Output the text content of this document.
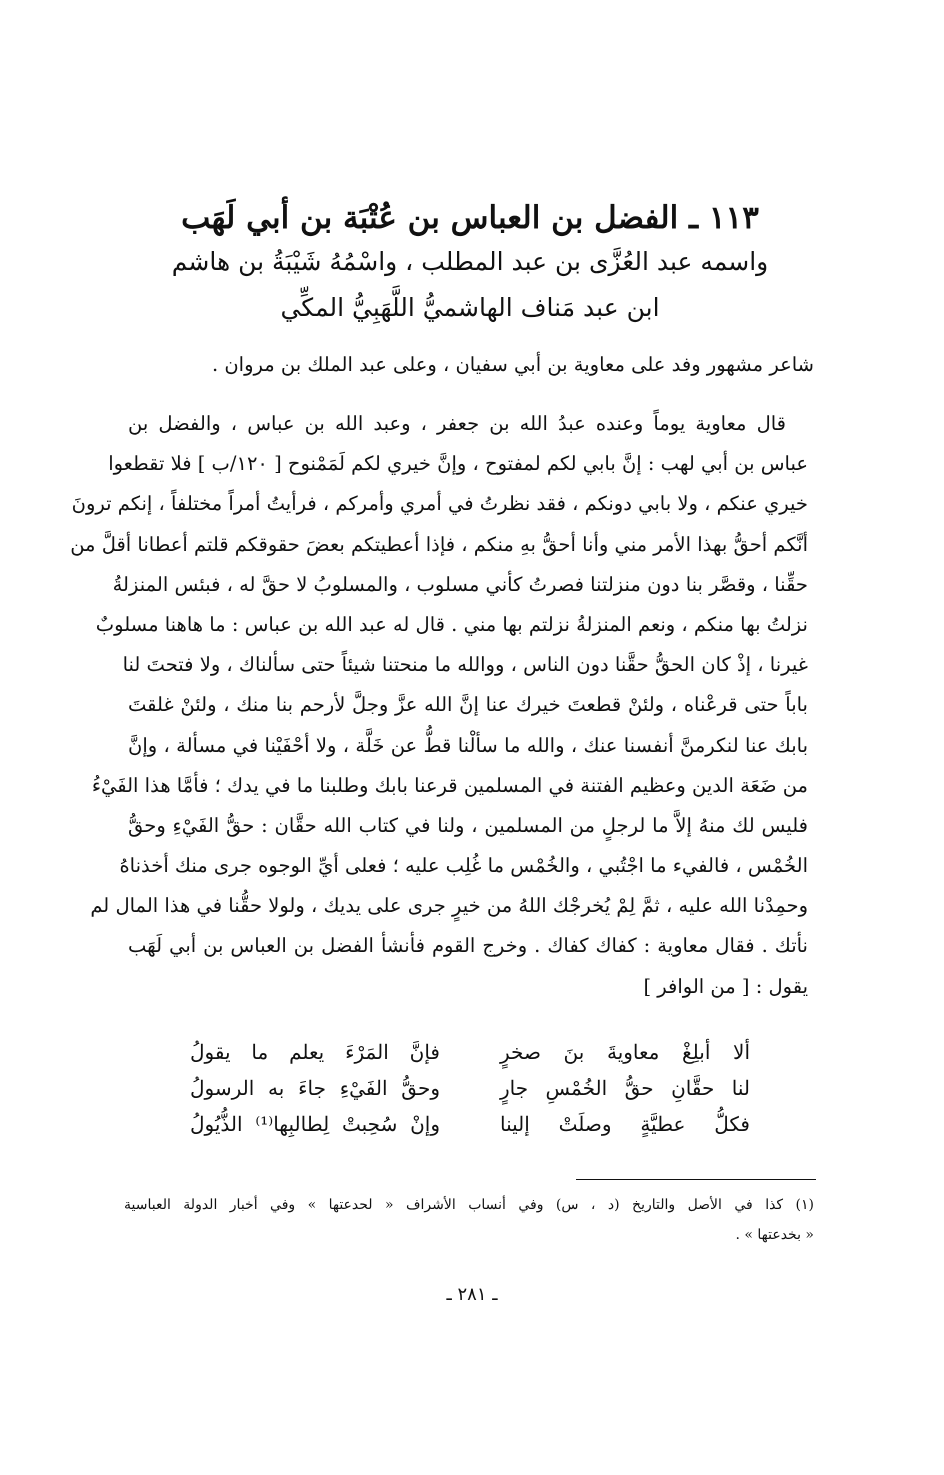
١١٣ ـ الفضل بن العباس بن عُتْبَة بن أبي لَهَب
واسمه عبد العُزَّى بن عبد المطلب ، واسْمُهُ شَيْبَةُ بن هاشم
ابن عبد مَناف الهاشميُّ اللَّهَبِيُّ المكِّي
شاعر مشهور وفد على معاوية بن أبي سفيان ، وعلى عبد الملك بن مروان .
قال معاوية يوماً وعنده عبدُ الله بن جعفر ، وعبد الله بن عباس ، والفضل بن
عباس بن أبي لهب : إنَّ بابي لكم لمفتوح ، وإنَّ خيري لكم لَمَمْنوح [ ١٢٠/ب ] فلا تقطعوا
خيري عنكم ، ولا بابي دونكم ، فقد نظرتُ في أمري وأمركم ، فرأيتُ أمراً مختلفاً ، إنكم ترونَ
أنَّكم أحقُّ بهذا الأمر مني وأنا أحقُّ بهِ منكم ، فإذا أعطيتكم بعضَ حقوقكم قلتم أعطانا أقلَّ من
حقِّنا ، وقصَّر بنا دون منزلتنا فصرتُ كأني مسلوب ، والمسلوبُ لا حقَّ له ، فبئس المنزلةُ
نزلتُ بها منكم ، ونعم المنزلةُ نزلتم بها مني . قال له عبد الله بن عباس : ما هاهنا مسلوبٌ
غيرنا ، إذْ كان الحقُّ حقَّنا دون الناس ، ووالله ما منحتنا شيئاً حتى سألناك ، ولا فتحتَ لنا
باباً حتى قرعْناه ، ولئنْ قطعتَ خيرك عنا إنَّ الله عزَّ وجلَّ لأرحم بنا منك ، ولئنْ غلقتَ
بابك عنا لنكرمنَّ أنفسنا عنك ، والله ما سألْنا قطُّ عن خَلَّة ، ولا أحْفَيْنا في مسألة ، وإنَّ
من ضَعَة الدين وعظيم الفتنة في المسلمين قرعنا بابك وطلبنا ما في يدك ؛ فأمَّا هذا الفَيْءُ
فليس لك منهُ إلاَّ ما لرجلٍ من المسلمين ، ولنا في كتاب الله حقَّان : حقُّ الفَيْءِ وحقُّ
الخُمْس ، فالفيء ما اجْتُبي ، والخُمْس ما غُلِب عليه ؛ فعلى أيِّ الوجوه جرى منك أخذناهُ
وحمِدْنا الله عليه ، ثمَّ لِمْ يُخرجْك اللهُ من خيرٍ جرى على يديك ، ولولا حقُّنا في هذا المال لم
نأتك . فقال معاوية : كفاك كفاك . وخرج القوم فأنشأ الفضل بن العباس بن أبي لَهَب
يقول : [ من الوافر ]
ألا أبلِغْ معاويةَ بنَ صخرٍ
فإنَّ المَرْءَ يعلم ما يقولُ
لنا حقَّانِ حقُّ الخُمْسِ جارٍ
وحقُّ الفَيْءِ جاءَ به الرسولُ
فكلُّ عطيَّةٍ وصلَتْ إلينا
وإنْ سُحِبتْ لِطالبِها⁽¹⁾ الذُّيُولُ
(١) كذا في الأصل والتاريخ (د ، س) وفي أنساب الأشراف « لحدعتها » وفي أخبار الدولة العباسية
« بخدعتها » .
ـ ٢٨١ ـ
